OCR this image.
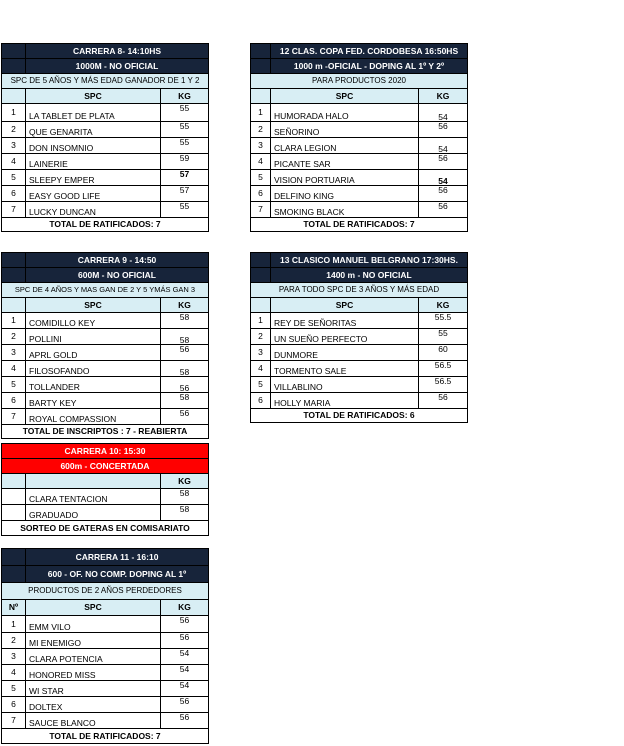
	CARRERA 8- 14:10HS	
	1000M - NO OFICIAL	
SPC DE 5 AÑOS Y MÁS EDAD GANADOR DE 1 Y 2		
	SPC	KG
1	LA TABLET DE PLATA	55
2	QUE GENARITA	55
3	DON INSOMNIO	55
4	LAINERIE	59
5	SLEEPY EMPER	57
6	EASY GOOD LIFE	57
7	LUCKY DUNCAN	55
TOTAL DE RATIFICADOS: 7		
	12 CLAS. COPA FED. CORDOBESA 16:50HS	
	1000 m -OFICIAL - DOPING AL 1º Y 2º	
PARA PRODUCTOS 2020		
	SPC	KG
1	HUMORADA HALO	54
2	SEÑORINO	56
3	CLARA LEGION	54
4	PICANTE SAR	56
5	VISION PORTUARIA	54
6	DELFINO KING	56
7	SMOKING BLACK	56
TOTAL DE RATIFICADOS: 7		
	CARRERA 9 - 14:50	
	600M - NO OFICIAL	
SPC DE 4 AÑOS Y MAS GAN DE 2 Y 5 YMÁS GAN 3		
	SPC	KG
1	COMIDILLO KEY	58
2	POLLINI	58
3	APRL GOLD	56
4	FILOSOFANDO	58
5	TOLLANDER	56
6	BARTY KEY	58
7	ROYAL COMPASSION	56
TOTAL DE INSCRIPTOS : 7 - REABIERTA		
	13 CLASICO MANUEL BELGRANO 17:30HS.	
	1400 m - NO OFICIAL	
PARA TODO SPC DE 3 AÑOS Y MÁS EDAD		
	SPC	KG
1	REY DE SEÑORITAS	55.5
2	UN SUEÑO PERFECTO	55
3	DUNMORE	60
4	TORMENTO SALE	56.5
5	VILLABLINO	56.5
6	HOLLY MARIA	56
TOTAL DE RATIFICADOS: 6		
CARRERA 10: 15:30		
600m - CONCERTADA		
		KG
	CLARA TENTACION	58
	GRADUADO	58
SORTEO DE GATERAS EN COMISARIATO		
	CARRERA 11 - 16:10	
	600 - OF. NO COMP. DOPING AL 1º	
PRODUCTOS DE 2 AÑOS PERDEDORES		
Nº	SPC	KG
1	EMM VILO	56
2	MI ENEMIGO	56
3	CLARA POTENCIA	54
4	HONORED MISS	54
5	WI STAR	54
6	DOLTEX	56
7	SAUCE BLANCO	56
TOTAL DE RATIFICADOS: 7		
